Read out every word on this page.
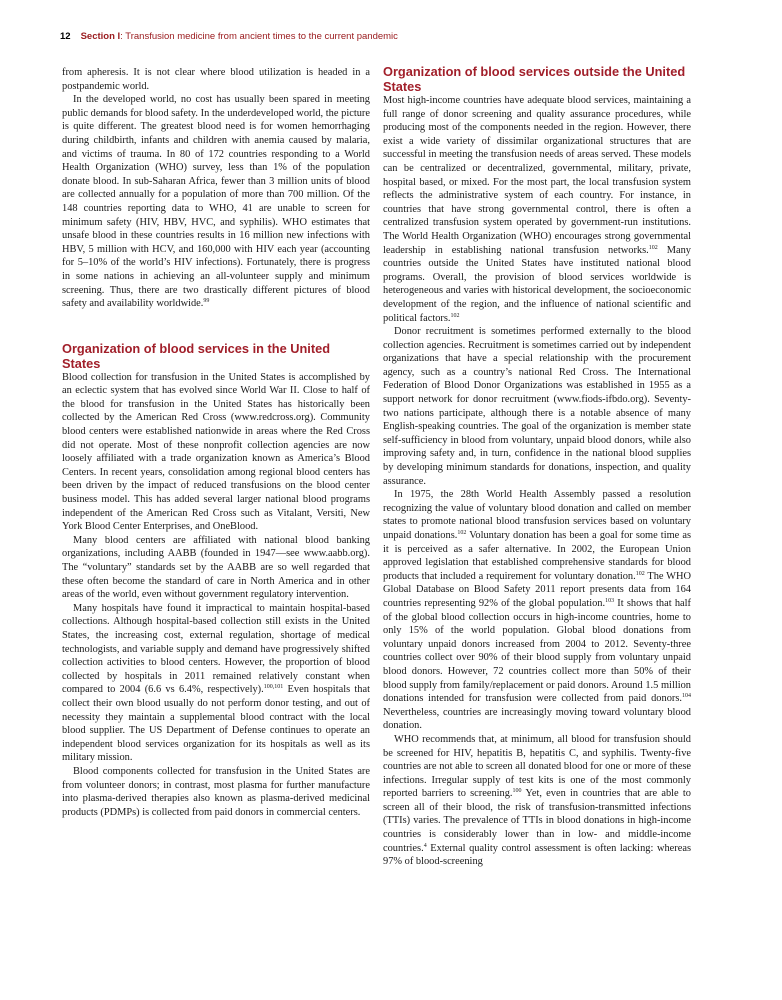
12 Section I: Transfusion medicine from ancient times to the current pandemic

from apheresis. It is not clear where blood utilization is headed in a postpandemic world.

In the developed world, no cost has usually been spared in meeting public demands for blood safety. In the underdeveloped world, the picture is quite different. The greatest blood need is for women hemorrhaging during childbirth, infants and children with anemia caused by malaria, and victims of trauma. In 80 of 172 countries responding to a World Health Organization (WHO) survey, less than 1% of the population donate blood. In sub-Saharan Africa, fewer than 3 million units of blood are collected annually for a population of more than 700 million. Of the 148 countries reporting data to WHO, 41 are unable to screen for minimum safety (HIV, HBV, HVC, and syphilis). WHO estimates that unsafe blood in these countries results in 16 million new infections with HBV, 5 million with HCV, and 160,000 with HIV each year (accounting for 5–10% of the world’s HIV infections). Fortunately, there is progress in some nations in achieving an all-volunteer supply and minimum screening. Thus, there are two drastically different pictures of blood safety and availability worldwide.$^{99}$

Organization of blood services in the United States

Blood collection for transfusion in the United States is accomplished by an eclectic system that has evolved since World War II. Close to half of the blood for transfusion in the United States has historically been collected by the American Red Cross (www.redcross.org). Community blood centers were established nationwide in areas where the Red Cross did not operate. Most of these nonprofit collection agencies are now loosely affiliated with a trade organization known as America’s Blood Centers. In recent years, consolidation among regional blood centers has been driven by the impact of reduced transfusions on the blood center business model. This has added several larger national blood programs independent of the American Red Cross such as Vitalant, Versiti, New York Blood Center Enterprises, and OneBlood.

Many blood centers are affiliated with national blood banking organizations, including AABB (founded in 1947—see www.aabb.org). The “voluntary” standards set by the AABB are so well regarded that these often become the standard of care in North America and in other areas of the world, even without government regulatory intervention.

Many hospitals have found it impractical to maintain hospital-based collections. Although hospital-based collection still exists in the United States, the increasing cost, external regulation, shortage of medical technologists, and variable supply and demand have progressively shifted collection activities to blood centers. However, the proportion of blood collected by hospitals in 2011 remained relatively constant when compared to 2004 (6.6 vs 6.4%, respectively).$^{100,101}$ Even hospitals that collect their own blood usually do not perform donor testing, and out of necessity they maintain a supplemental blood contract with the local blood supplier. The US Department of Defense continues to operate an independent blood services organization for its hospitals as well as its military mission.

Blood components collected for transfusion in the United States are from volunteer donors; in contrast, most plasma for further manufacture into plasma-derived therapies also known as plasma-derived medicinal products (PDMPs) is collected from paid donors in commercial centers.

Organization of blood services outside the United States

Most high-income countries have adequate blood services, maintaining a full range of donor screening and quality assurance procedures, while producing most of the components needed in the region. However, there exist a wide variety of dissimilar organizational structures that are successful in meeting the transfusion needs of areas served. These models can be centralized or decentralized, governmental, military, private, hospital based, or mixed. For the most part, the local transfusion system reflects the administrative system of each country. For instance, in countries that have strong governmental control, there is often a centralized transfusion system operated by government-run institutions. The World Health Organization (WHO) encourages strong governmental leadership in establishing national transfusion networks.$^{102}$ Many countries outside the United States have instituted national blood programs. Overall, the provision of blood services worldwide is heterogeneous and varies with historical development, the socioeconomic development of the region, and the influence of national scientific and political factors.$^{102}$

Donor recruitment is sometimes performed externally to the blood collection agencies. Recruitment is sometimes carried out by independent organizations that have a special relationship with the procurement agency, such as a country’s national Red Cross. The International Federation of Blood Donor Organizations was established in 1955 as a support network for donor recruitment (www.fiods-ifbdo.org). Seventy-two nations participate, although there is a notable absence of many English-speaking countries. The goal of the organization is member state self-sufficiency in blood from voluntary, unpaid blood donors, while also improving safety and, in turn, confidence in the national blood supplies by developing minimum standards for donations, inspection, and quality assurance.

In 1975, the 28th World Health Assembly passed a resolution recognizing the value of voluntary blood donation and called on member states to promote national blood transfusion services based on voluntary unpaid donations.$^{102}$ Voluntary donation has been a goal for some time as it is perceived as a safer alternative. In 2002, the European Union approved legislation that established comprehensive standards for blood products that included a requirement for voluntary donation.$^{102}$ The WHO Global Database on Blood Safety 2011 report presents data from 164 countries representing 92% of the global population.$^{103}$ It shows that half of the global blood collection occurs in high-income countries, home to only 15% of the world population. Global blood donations from voluntary unpaid donors increased from 2004 to 2012. Seventy-three countries collect over 90% of their blood supply from voluntary unpaid blood donors. However, 72 countries collect more than 50% of their blood supply from family/replacement or paid donors. Around 1.5 million donations intended for transfusion were collected from paid donors.$^{104}$ Nevertheless, countries are increasingly moving toward voluntary blood donation.

WHO recommends that, at minimum, all blood for transfusion should be screened for HIV, hepatitis B, hepatitis C, and syphilis. Twenty-five countries are not able to screen all donated blood for one or more of these infections. Irregular supply of test kits is one of the most commonly reported barriers to screening.$^{100}$ Yet, even in countries that are able to screen all of their blood, the risk of transfusion-transmitted infections (TTIs) varies. The prevalence of TTIs in blood donations in high-income countries is considerably lower than in low- and middle-income countries.$^4$ External quality control assessment is often lacking: whereas 97% of blood-screening
